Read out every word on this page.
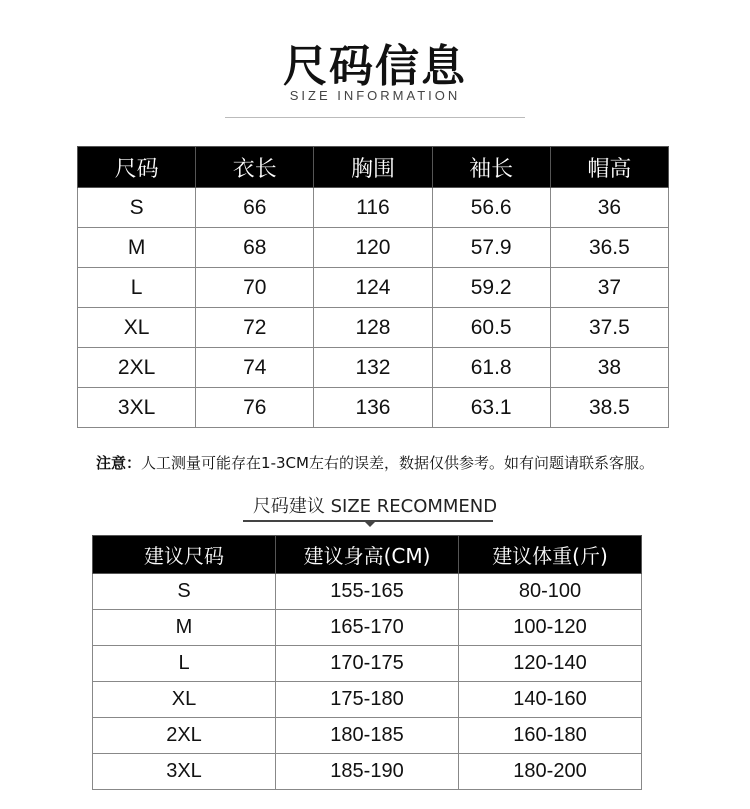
尺码信息
SIZE INFORMATION
尺码	衣长	胸围	袖长	帽高
S	66	116	56.6	36
M	68	120	57.9	36.5
L	70	124	59.2	37
XL	72	128	60.5	37.5
2XL	74	132	61.8	38
3XL	76	136	63.1	38.5
注意：人工测量可能存在1-3CM左右的误差，数据仅供参考。如有问题请联系客服。
尺码建议 SIZE RECOMMEND
建议尺码	建议身高(CM)	建议体重(斤)
S	155-165	80-100
M	165-170	100-120
L	170-175	120-140
XL	175-180	140-160
2XL	180-185	160-180
3XL	185-190	180-200
